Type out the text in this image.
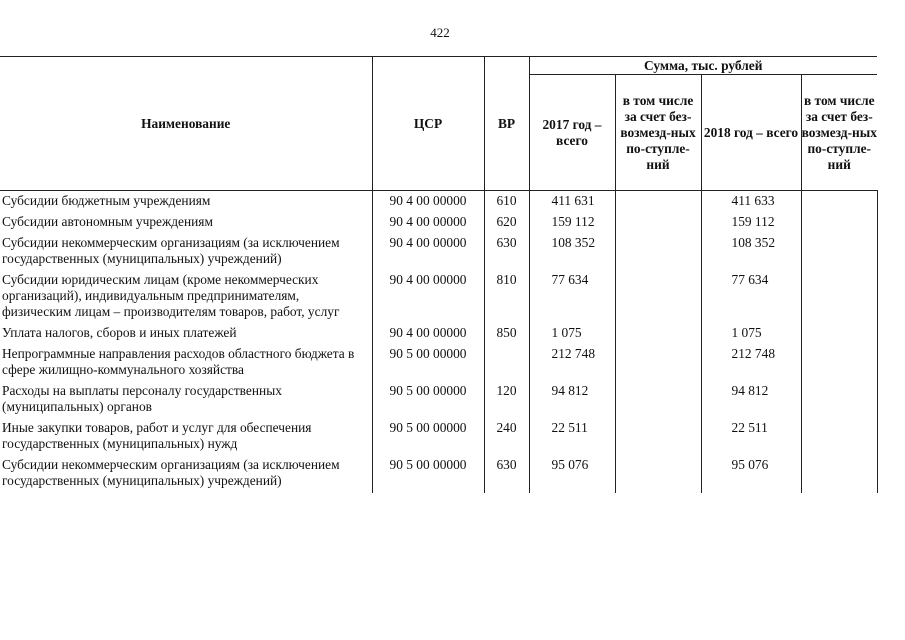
422
Наименование	ЦСР	ВР	Сумма, тыс. рублей			

			2017 год – всего	в том числе за счет без-возмезд-ных по-ступле-ний	2018 год – всего	в том числе за счет без-возмезд-ных по-ступле-ний

Субсидии бюджетным учреждениям	90 4 00 00000	610	411 631		411 633	
Субсидии автономным учреждениям	90 4 00 00000	620	159 112		159 112	
Субсидии некоммерческим организациям (за исключением государственных (муниципальных) учреждений)	90 4 00 00000	630	108 352		108 352	
Субсидии юридическим лицам (кроме некоммерческих организаций), индивидуальным предпринимателям, физическим лицам – производителям товаров, работ, услуг	90 4 00 00000	810	77 634		77 634	
Уплата налогов, сборов и иных платежей	90 4 00 00000	850	1 075		1 075	
Непрограммные направления расходов областного бюджета в сфере жилищно-коммунального хозяйства	90 5 00 00000		212 748		212 748	
Расходы на выплаты персоналу государственных (муниципальных) органов	90 5 00 00000	120	94 812		94 812	
Иные закупки товаров, работ и услуг для обеспечения государственных (муниципальных) нужд	90 5 00 00000	240	22 511		22 511	
Субсидии некоммерческим организациям (за исключением государственных (муниципальных) учреждений)	90 5 00 00000	630	95 076		95 076	
